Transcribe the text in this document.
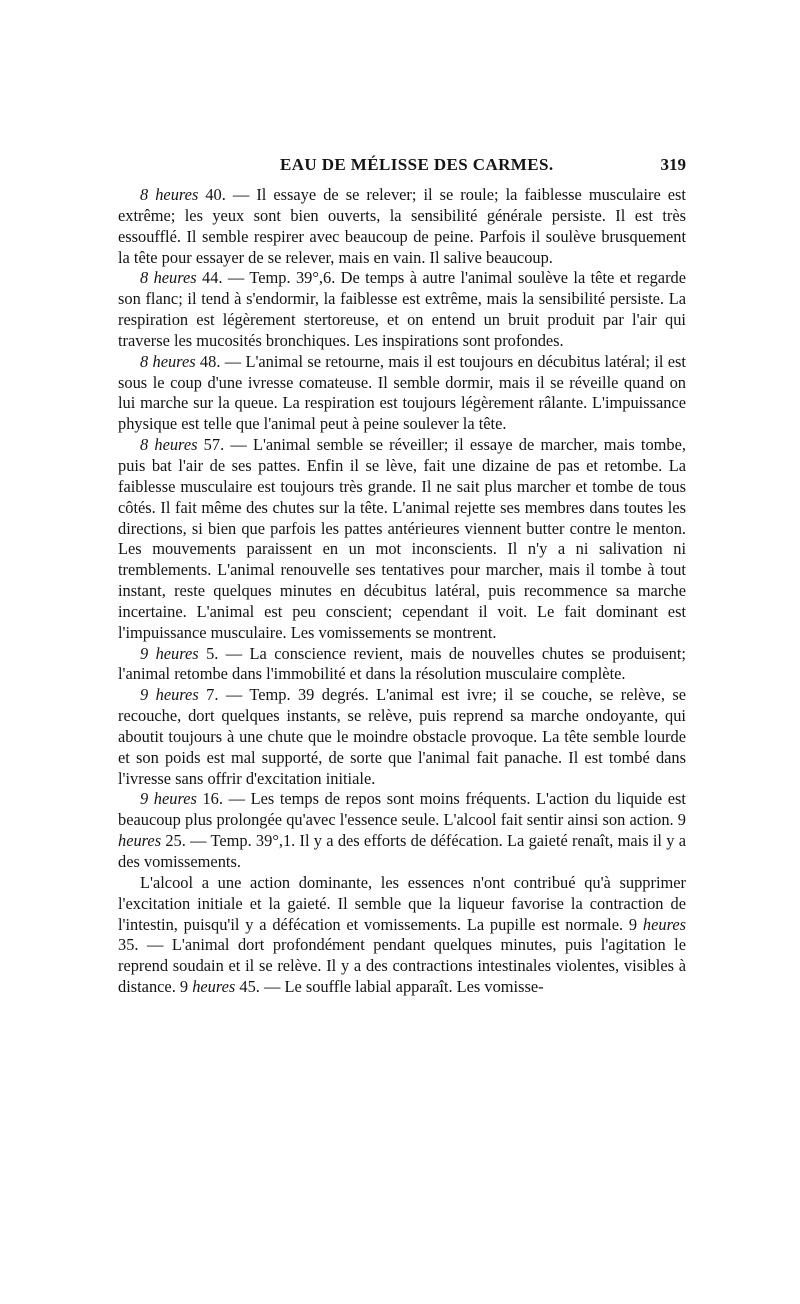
EAU DE MÉLISSE DES CARMES.	319

8 heures 40. — Il essaye de se relever; il se roule; la faiblesse musculaire est extrême; les yeux sont bien ouverts, la sensibilité générale persiste. Il est très essoufflé. Il semble respirer avec beaucoup de peine. Parfois il soulève brusquement la tête pour essayer de se relever, mais en vain. Il salive beaucoup.

8 heures 44. — Temp. 39°,6. De temps à autre l'animal soulève la tête et regarde son flanc; il tend à s'endormir, la faiblesse est extrême, mais la sensibilité persiste. La respiration est légèrement stertoreuse, et on entend un bruit produit par l'air qui traverse les mucosités bronchiques. Les inspirations sont profondes.

8 heures 48. — L'animal se retourne, mais il est toujours en décubitus latéral; il est sous le coup d'une ivresse comateuse. Il semble dormir, mais il se réveille quand on lui marche sur la queue. La respiration est toujours légèrement râlante. L'impuissance physique est telle que l'animal peut à peine soulever la tête.

8 heures 57. — L'animal semble se réveiller; il essaye de marcher, mais tombe, puis bat l'air de ses pattes. Enfin il se lève, fait une dizaine de pas et retombe. La faiblesse musculaire est toujours très grande. Il ne sait plus marcher et tombe de tous côtés. Il fait même des chutes sur la tête. L'animal rejette ses membres dans toutes les directions, si bien que parfois les pattes antérieures viennent butter contre le menton. Les mouvements paraissent en un mot inconscients. Il n'y a ni salivation ni tremblements. L'animal renouvelle ses tentatives pour marcher, mais il tombe à tout instant, reste quelques minutes en décubitus latéral, puis recommence sa marche incertaine. L'animal est peu conscient; cependant il voit. Le fait dominant est l'impuissance musculaire. Les vomissements se montrent.

9 heures 5. — La conscience revient, mais de nouvelles chutes se produisent; l'animal retombe dans l'immobilité et dans la résolution musculaire complète.

9 heures 7. — Temp. 39 degrés. L'animal est ivre; il se couche, se relève, se recouche, dort quelques instants, se relève, puis reprend sa marche ondoyante, qui aboutit toujours à une chute que le moindre obstacle provoque. La tête semble lourde et son poids est mal supporté, de sorte que l'animal fait panache. Il est tombé dans l'ivresse sans offrir d'excitation initiale.

9 heures 16. — Les temps de repos sont moins fréquents. L'action du liquide est beaucoup plus prolongée qu'avec l'essence seule. L'alcool fait sentir ainsi son action. 9 heures 25. — Temp. 39°,1. Il y a des efforts de défécation. La gaieté renaît, mais il y a des vomissements.

L'alcool a une action dominante, les essences n'ont contribué qu'à supprimer l'excitation initiale et la gaieté. Il semble que la liqueur favorise la contraction de l'intestin, puisqu'il y a défécation et vomissements. La pupille est normale. 9 heures 35. — L'animal dort profondément pendant quelques minutes, puis l'agitation le reprend soudain et il se relève. Il y a des contractions intestinales violentes, visibles à distance. 9 heures 45. — Le souffle labial apparaît. Les vomisse-
